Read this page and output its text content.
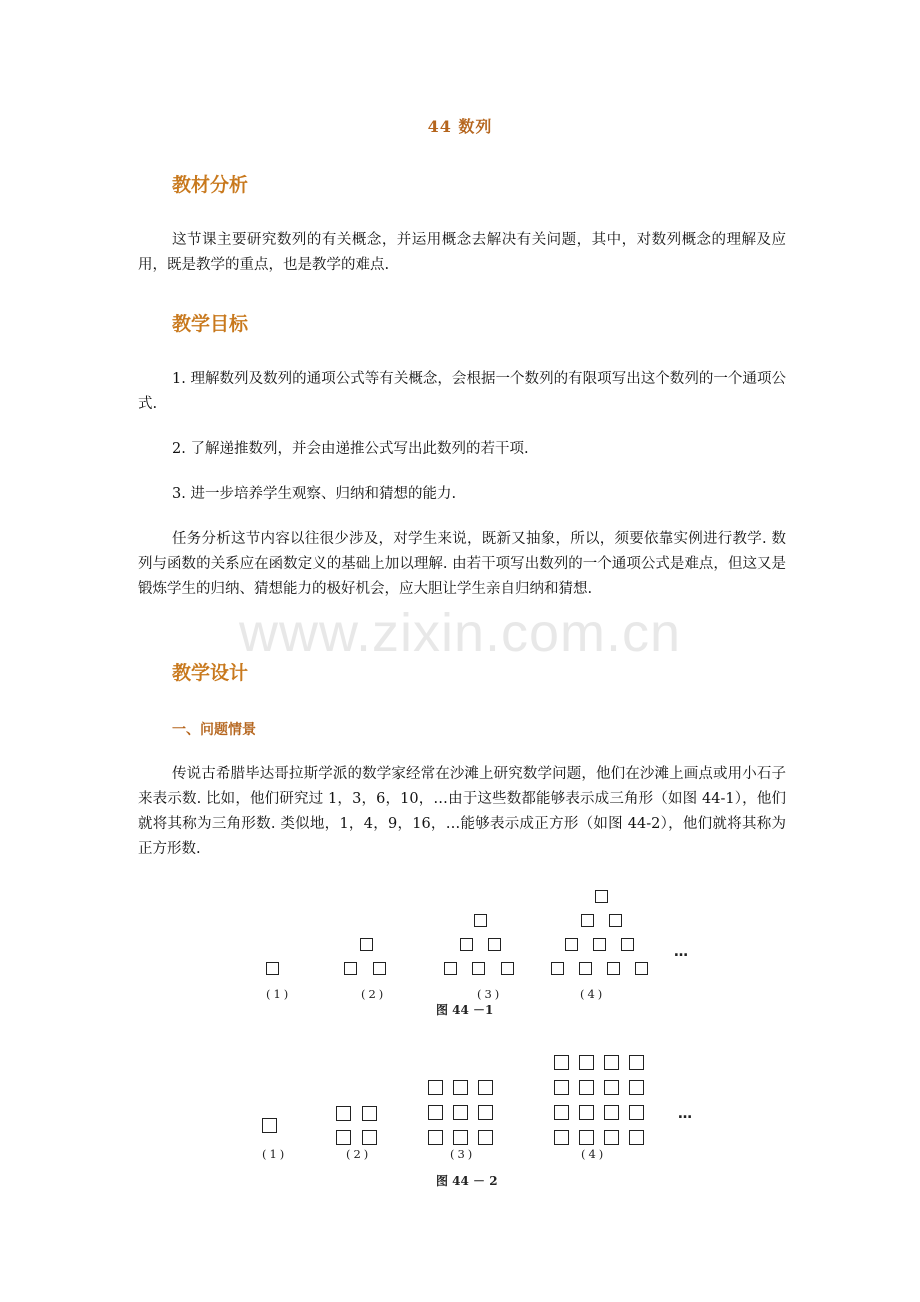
44 数列
教材分析
这节课主要研究数列的有关概念，并运用概念去解决有关问题，其中，对数列概念的理解及应用，既是教学的重点，也是教学的难点.
教学目标
1. 理解数列及数列的通项公式等有关概念，会根据一个数列的有限项写出这个数列的一个通项公式.
2. 了解递推数列，并会由递推公式写出此数列的若干项.
3. 进一步培养学生观察、归纳和猜想的能力.
任务分析这节内容以往很少涉及，对学生来说，既新又抽象，所以，须要依靠实例进行教学. 数列与函数的关系应在函数定义的基础上加以理解. 由若干项写出数列的一个通项公式是难点，但这又是锻炼学生的归纳、猜想能力的极好机会，应大胆让学生亲自归纳和猜想.
www.zixin.com.cn
教学设计
一、问题情景
传说古希腊毕达哥拉斯学派的数学家经常在沙滩上研究数学问题，他们在沙滩上画点或用小石子来表示数. 比如，他们研究过 1，3，6，10，…由于这些数都能够表示成三角形（如图 44-1），他们就将其称为三角形数. 类似地，1，4，9，16，…能够表示成正方形（如图 44-2），他们就将其称为正方形数.
…
(1)	(2)	(3)	(4)
图 44 －1
…
(1)	(2)	(3)	(4)
图 44 － 2
